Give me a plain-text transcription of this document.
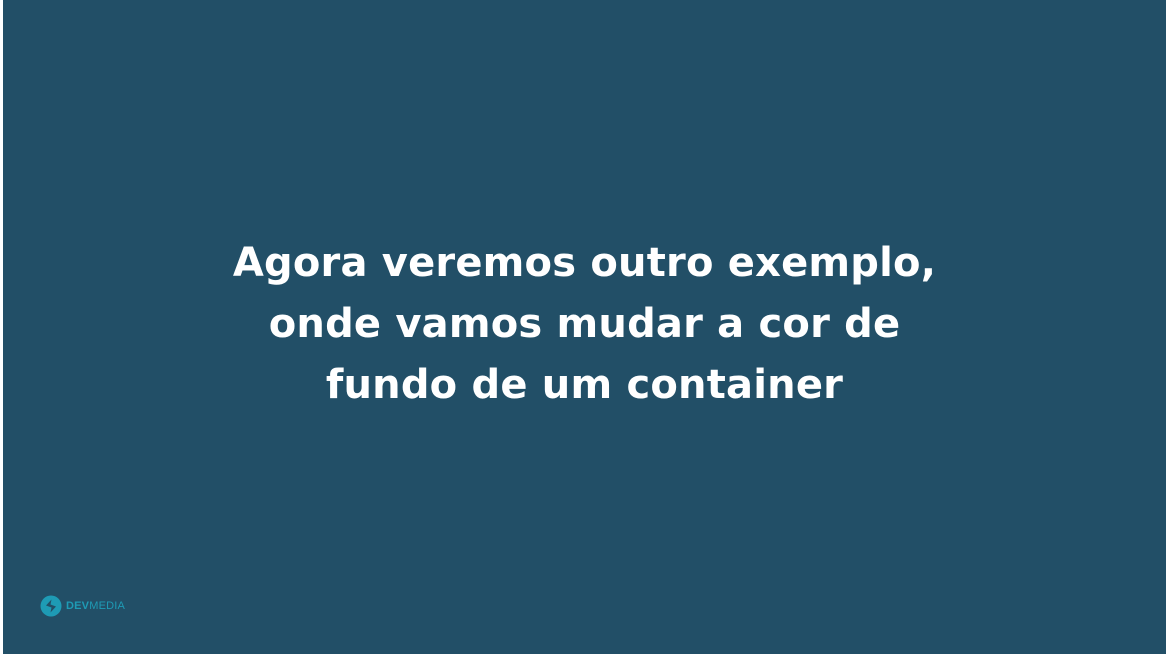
Agora veremos outro exemplo,
onde vamos mudar a cor de
fundo de um container
DEVMEDIA
